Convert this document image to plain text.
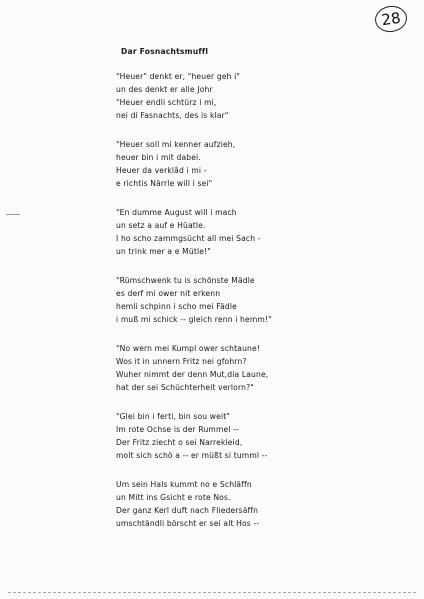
28
Dar Fosnachtsmuffl
"Heuer" denkt er, "heuer geh i"
un des denkt er alle Johr
"Heuer endli schtürz i mi,
nei di Fasnachts, des is klar"
"Heuer soll mi kenner aufzieh,
heuer bin i mit dabei.
Heuer da verklâd i mi -
e richtis Närrle will i sei"
"En dumme August will i mach
un setz a auf e Hüatle.
I ho scho zammgsücht all mei Sach -
un trink mer a e Mütle!"
"Rümschwenk tu is schönste Mädle
es derf mi ower nit erkenn
hemli schpinn i scho mei Fädle
i muß mi schick -- gleich renn i hemm!"
"No wern mei Kumpl ower schtaune!
Wos it in unnern Fritz nei gfohrn?
Wuher nimmt der denn Mut,dia Laune,
hat der sei Schüchterheit verlorn?"
"Glei bin i ferti, bin sou weit"
Im rote Ochse is der Rummel --
Der Fritz ziecht o sei Narrekleid,
molt sich schö a -- er müßt si tumml --
Um sein Hals kummt no e Schläffn
un Mitt ins Gsicht e rote Nos.
Der ganz Kerl duft nach Fliedersäffn
umschtändli börscht er sei alt Hos --
